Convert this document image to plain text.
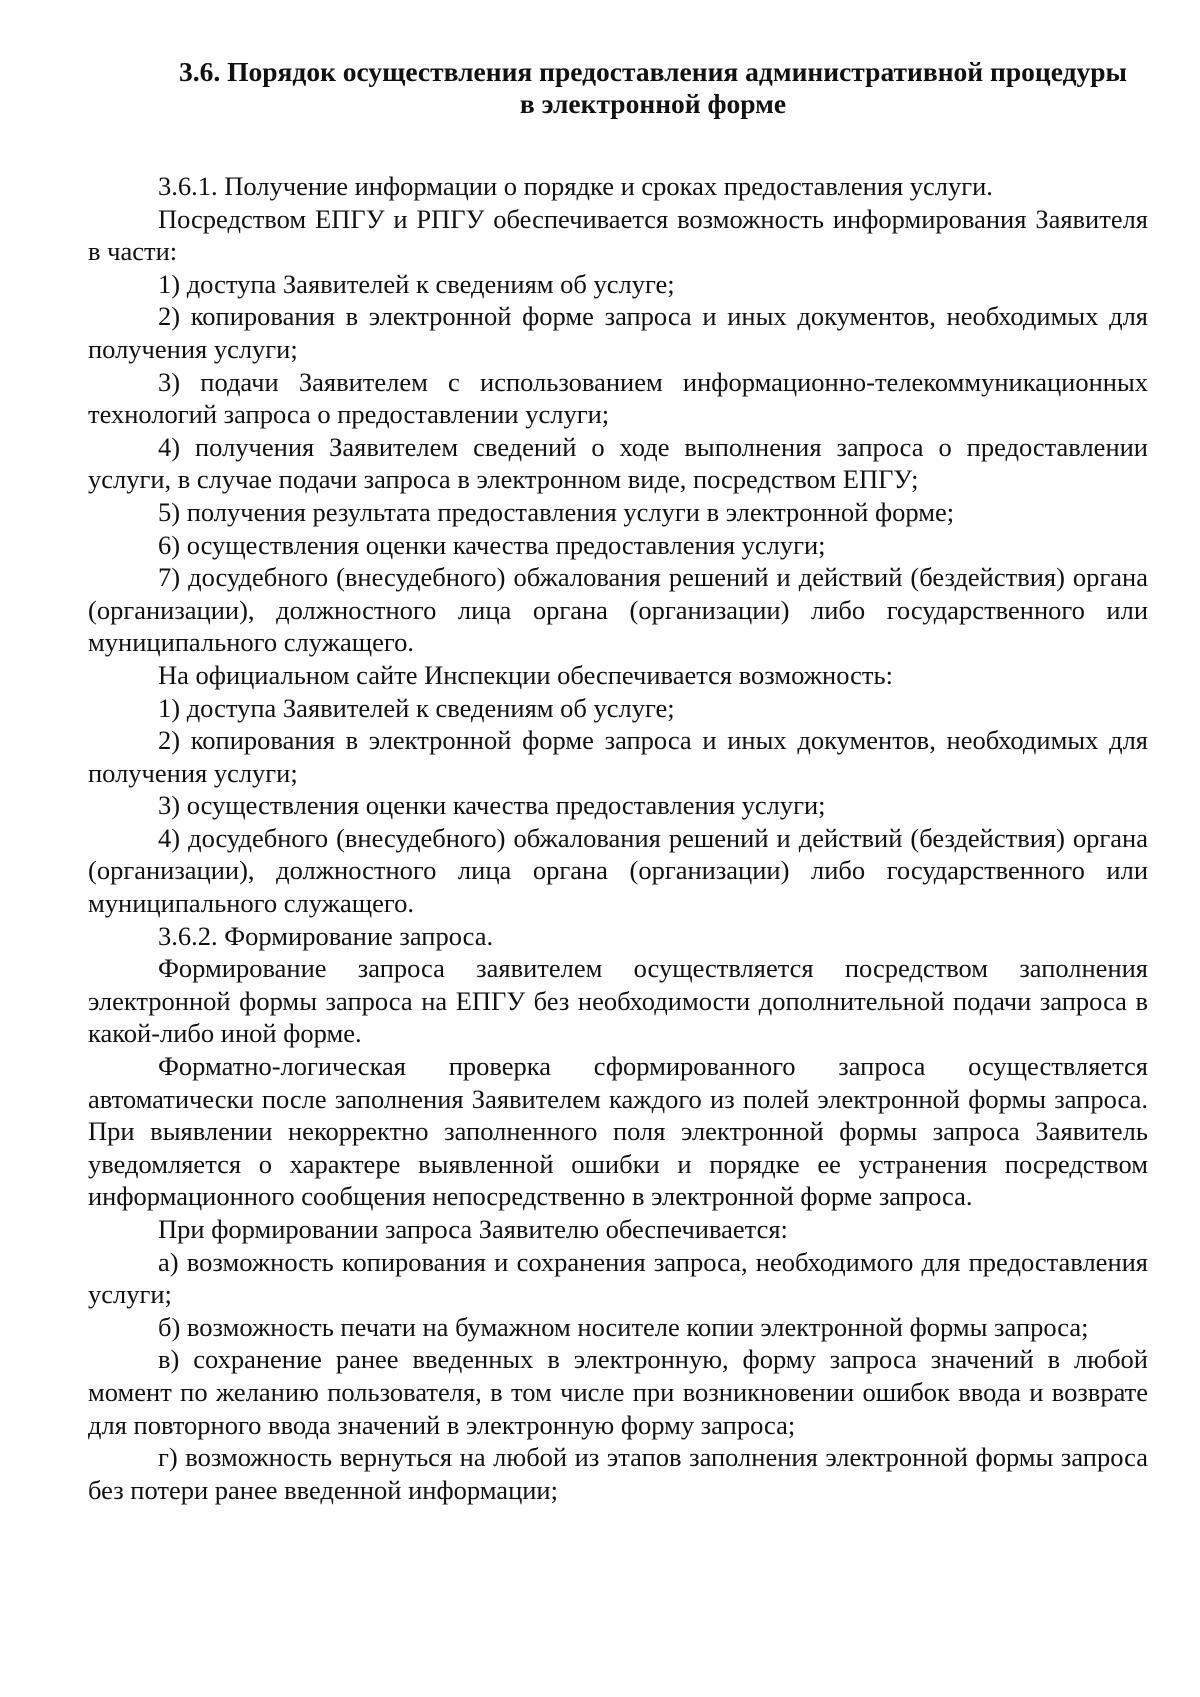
3.6. Порядок осуществления предоставления административной процедуры
в электронной форме

3.6.1. Получение информации о порядке и сроках предоставления услуги.

Посредством ЕПГУ и РПГУ обеспечивается возможность информирования Заявителя в части:

1) доступа Заявителей к сведениям об услуге;

2) копирования в электронной форме запроса и иных документов, необходимых для получения услуги;

3) подачи Заявителем с использованием информационно-телекоммуникационных технологий запроса о предоставлении услуги;

4) получения Заявителем сведений о ходе выполнения запроса о предоставлении услуги, в случае подачи запроса в электронном виде, посредством ЕПГУ;

5) получения результата предоставления услуги в электронной форме;

6) осуществления оценки качества предоставления услуги;

7) досудебного (внесудебного) обжалования решений и действий (бездействия) органа (организации), должностного лица органа (организации) либо государственного или муниципального служащего.

На официальном сайте Инспекции обеспечивается возможность:

1) доступа Заявителей к сведениям об услуге;

2) копирования в электронной форме запроса и иных документов, необходимых для получения услуги;

3) осуществления оценки качества предоставления услуги;

4) досудебного (внесудебного) обжалования решений и действий (бездействия) органа (организации), должностного лица органа (организации) либо государственного или муниципального служащего.

3.6.2. Формирование запроса.

Формирование запроса заявителем осуществляется посредством заполнения электронной формы запроса на ЕПГУ без необходимости дополнительной подачи запроса в какой-либо иной форме.

Форматно-логическая проверка сформированного запроса осуществляется автоматически после заполнения Заявителем каждого из полей электронной формы запроса. При выявлении некорректно заполненного поля электронной формы запроса Заявитель уведомляется о характере выявленной ошибки и порядке ее устранения посредством информационного сообщения непосредственно в электронной форме запроса.

При формировании запроса Заявителю обеспечивается:

а) возможность копирования и сохранения запроса, необходимого для предоставления услуги;

б) возможность печати на бумажном носителе копии электронной формы запроса;

в) сохранение ранее введенных в электронную, форму запроса значений в любой момент по желанию пользователя, в том числе при возникновении ошибок ввода и возврате для повторного ввода значений в электронную форму запроса;

г) возможность вернуться на любой из этапов заполнения электронной формы запроса без потери ранее введенной информации;
